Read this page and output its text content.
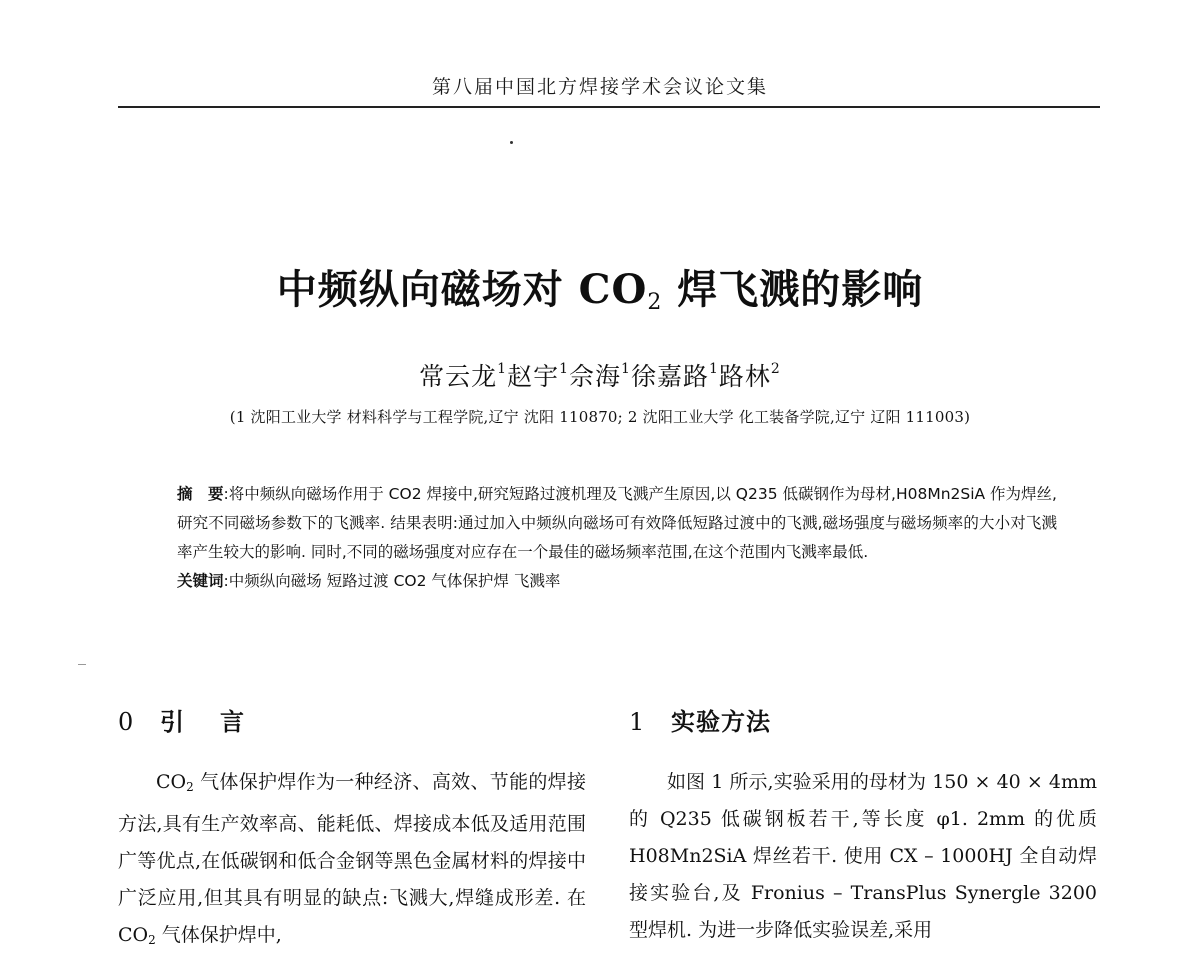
第八届中国北方焊接学术会议论文集
中频纵向磁场对 $CO_2$ 焊飞溅的影响
常云龙$^1$赵宇$^1$佘海$^1$徐嘉路$^1$路林$^2$
(1 沈阳工业大学 材料科学与工程学院,辽宁 沈阳 110870; 2 沈阳工业大学 化工装备学院,辽宁 辽阳 111003)
摘　要:将中频纵向磁场作用于 CO2 焊接中,研究短路过渡机理及飞溅产生原因,以 Q235 低碳钢作为母材,H08Mn2SiA 作为焊丝,研究不同磁场参数下的飞溅率. 结果表明:通过加入中频纵向磁场可有效降低短路过渡中的飞溅,磁场强度与磁场频率的大小对飞溅率产生较大的影响. 同时,不同的磁场强度对应存在一个最佳的磁场频率范围,在这个范围内飞溅率最低.
关键词:中频纵向磁场 短路过渡 CO2 气体保护焊 飞溅率
0 引言
$CO_2$ 气体保护焊作为一种经济、高效、节能的焊接方法,具有生产效率高、能耗低、焊接成本低及适用范围广等优点,在低碳钢和低合金钢等黑色金属材料的焊接中广泛应用,但其具有明显的缺点:飞溅大,焊缝成形差. 在 $CO_2$ 气体保护焊中,
1 实验方法
如图 1 所示,实验采用的母材为 150 × 40 × 4mm 的 Q235 低碳钢板若干,等长度 φ1. 2mm 的优质 H08Mn2SiA 焊丝若干. 使用 CX – 1000HJ 全自动焊接实验台,及 Fronius – TransPlus Synergle 3200 型焊机. 为进一步降低实验误差,采用
